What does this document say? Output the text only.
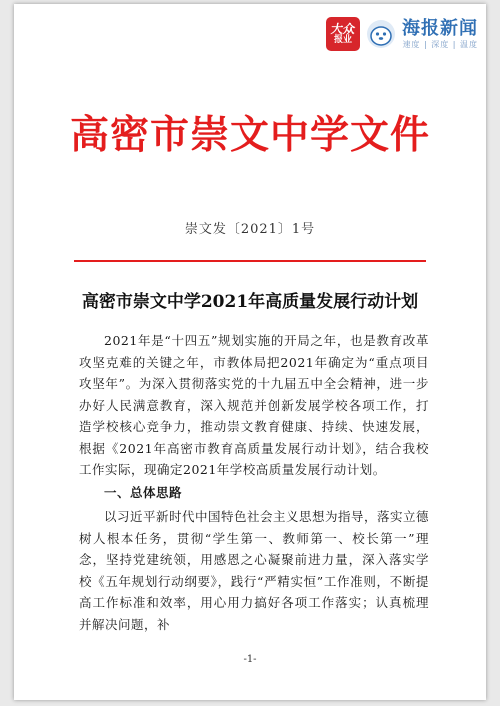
大众
报业
海报新闻
速度 | 深度 | 温度
高密市崇文中学文件
崇文发〔2021〕1号
高密市崇文中学2021年高质量发展行动计划

2021年是“十四五”规划实施的开局之年，也是教育改革攻坚克难的关键之年，市教体局把2021年确定为“重点项目攻坚年”。为深入贯彻落实党的十九届五中全会精神，进一步办好人民满意教育，深入规范并创新发展学校各项工作，打造学校核心竞争力，推动崇文教育健康、持续、快速发展，根据《2021年高密市教育高质量发展行动计划》，结合我校工作实际，现确定2021年学校高质量发展行动计划。

一、总体思路

以习近平新时代中国特色社会主义思想为指导，落实立德树人根本任务，贯彻“学生第一、教师第一、校长第一”理念，坚持党建统领，用感恩之心凝聚前进力量，深入落实学校《五年规划行动纲要》，践行“严精实恒”工作准则，不断提高工作标准和效率，用心用力搞好各项工作落实；认真梳理并解决问题，补

-1-
